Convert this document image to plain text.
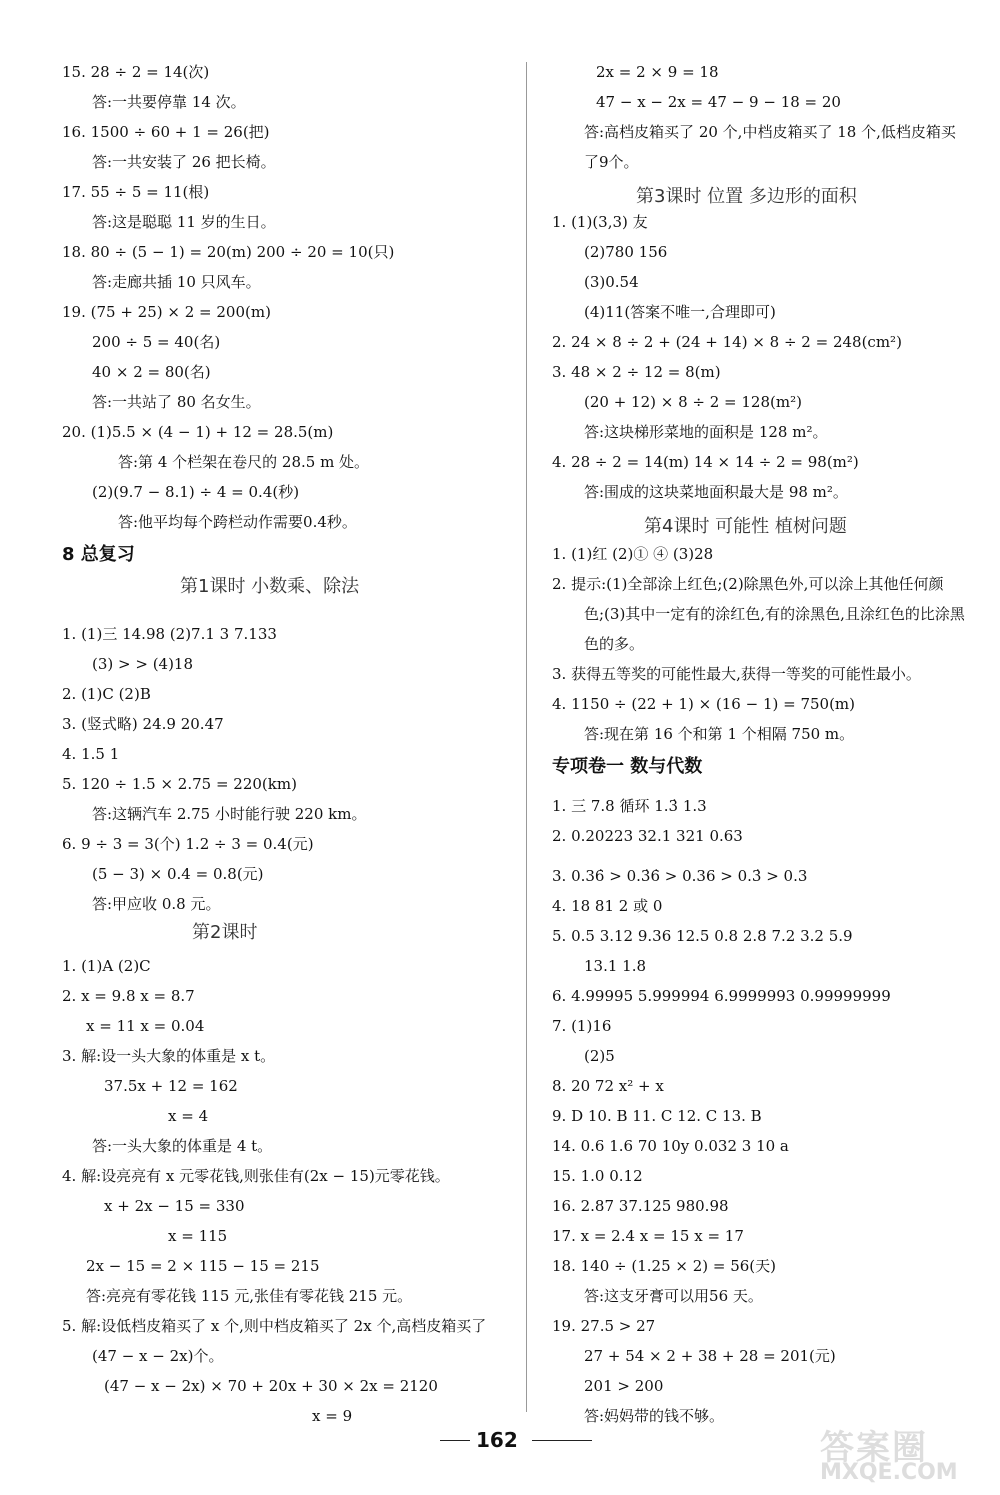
15. 28 ÷ 2 = 14(次)
答:一共要停靠 14 次。
16. 1500 ÷ 60 + 1 = 26(把)
答:一共安装了 26 把长椅。
17. 55 ÷ 5 = 11(根)
答:这是聪聪 11 岁的生日。
18. 80 ÷ (5 − 1) = 20(m) 200 ÷ 20 = 10(只)
答:走廊共插 10 只风车。
19. (75 + 25) × 2 = 200(m)
200 ÷ 5 = 40(名)
40 × 2 = 80(名)
答:一共站了 80 名女生。
20. (1)5.5 × (4 − 1) + 12 = 28.5(m)
答:第 4 个栏架在卷尺的 28.5 m 处。
(2)(9.7 − 8.1) ÷ 4 = 0.4(秒)
答:他平均每个跨栏动作需要0.4秒。
1. (1)三 14.98 (2)7.1 3 7.133
(3) > > (4)18
2. (1)C (2)B
3. (竖式略) 24.9 20.47
4. 1.5 1
5. 120 ÷ 1.5 × 2.75 = 220(km)
答:这辆汽车 2.75 小时能行驶 220 km。
6. 9 ÷ 3 = 3(个) 1.2 ÷ 3 = 0.4(元)
(5 − 3) × 0.4 = 0.8(元)
答:甲应收 0.8 元。
1. (1)A (2)C
2. x = 9.8 x = 8.7
x = 11 x = 0.04
3. 解:设一头大象的体重是 x t。
37.5x + 12 = 162
x = 4
答:一头大象的体重是 4 t。
4. 解:设亮亮有 x 元零花钱,则张佳有(2x − 15)元零花钱。
x + 2x − 15 = 330
x = 115
2x − 15 = 2 × 115 − 15 = 215
答:亮亮有零花钱 115 元,张佳有零花钱 215 元。
5. 解:设低档皮箱买了 x 个,则中档皮箱买了 2x 个,高档皮箱买了
(47 − x − 2x)个。
(47 − x − 2x) × 70 + 20x + 30 × 2x = 2120
x = 9
2x = 2 × 9 = 18
47 − x − 2x = 47 − 9 − 18 = 20
答:高档皮箱买了 20 个,中档皮箱买了 18 个,低档皮箱买
了9个。
1. (1)(3,3) 友
(2)780 156
(3)0.54
(4)11(答案不唯一,合理即可)
2. 24 × 8 ÷ 2 + (24 + 14) × 8 ÷ 2 = 248(cm²)
3. 48 × 2 ÷ 12 = 8(m)
(20 + 12) × 8 ÷ 2 = 128(m²)
答:这块梯形菜地的面积是 128 m²。
4. 28 ÷ 2 = 14(m) 14 × 14 ÷ 2 = 98(m²)
答:围成的这块菜地面积最大是 98 m²。
1. (1)红 (2)① ④ (3)28
2. 提示:(1)全部涂上红色;(2)除黑色外,可以涂上其他任何颜
色;(3)其中一定有的涂红色,有的涂黑色,且涂红色的比涂黑
色的多。
3. 获得五等奖的可能性最大,获得一等奖的可能性最小。
4. 1150 ÷ (22 + 1) × (16 − 1) = 750(m)
答:现在第 16 个和第 1 个相隔 750 m。
1. 三 7.8 循环 1.3̇ 1.3
2. 0.20223 32.1 321 0.63
3. 0.36̇ > 0.3̇6̇ > 0.36 > 0.3̇ > 0.3
4. 18 81 2 或 0
5. 0.5 3.12 9.36 12.5 0.8 2.8 7.2 3.2 5.9
13.1 1.8
6. 4.99995 5.999994 6.9999993 0.99999999
7. (1)16
(2)5
8. 20 72 x² + x
9. D 10. B 11. C 12. C 13. B
14. 0.6 1.6 70 10y 0.032 3 10 a
15. 1.0 0.12
16. 2.87 37.125 980.98
17. x = 2.4 x = 15 x = 17
18. 140 ÷ (1.25 × 2) = 56(天)
答:这支牙膏可以用56 天。
19. 27.5 > 27
27 + 54 × 2 + 38 + 28 = 201(元)
201 > 200
答:妈妈带的钱不够。
8 总复习
第1课时 小数乘、除法
第2课时
第3课时 位置 多边形的面积
第4课时 可能性 植树问题
专项卷一 数与代数
162	答案圈
MXQE.COM
